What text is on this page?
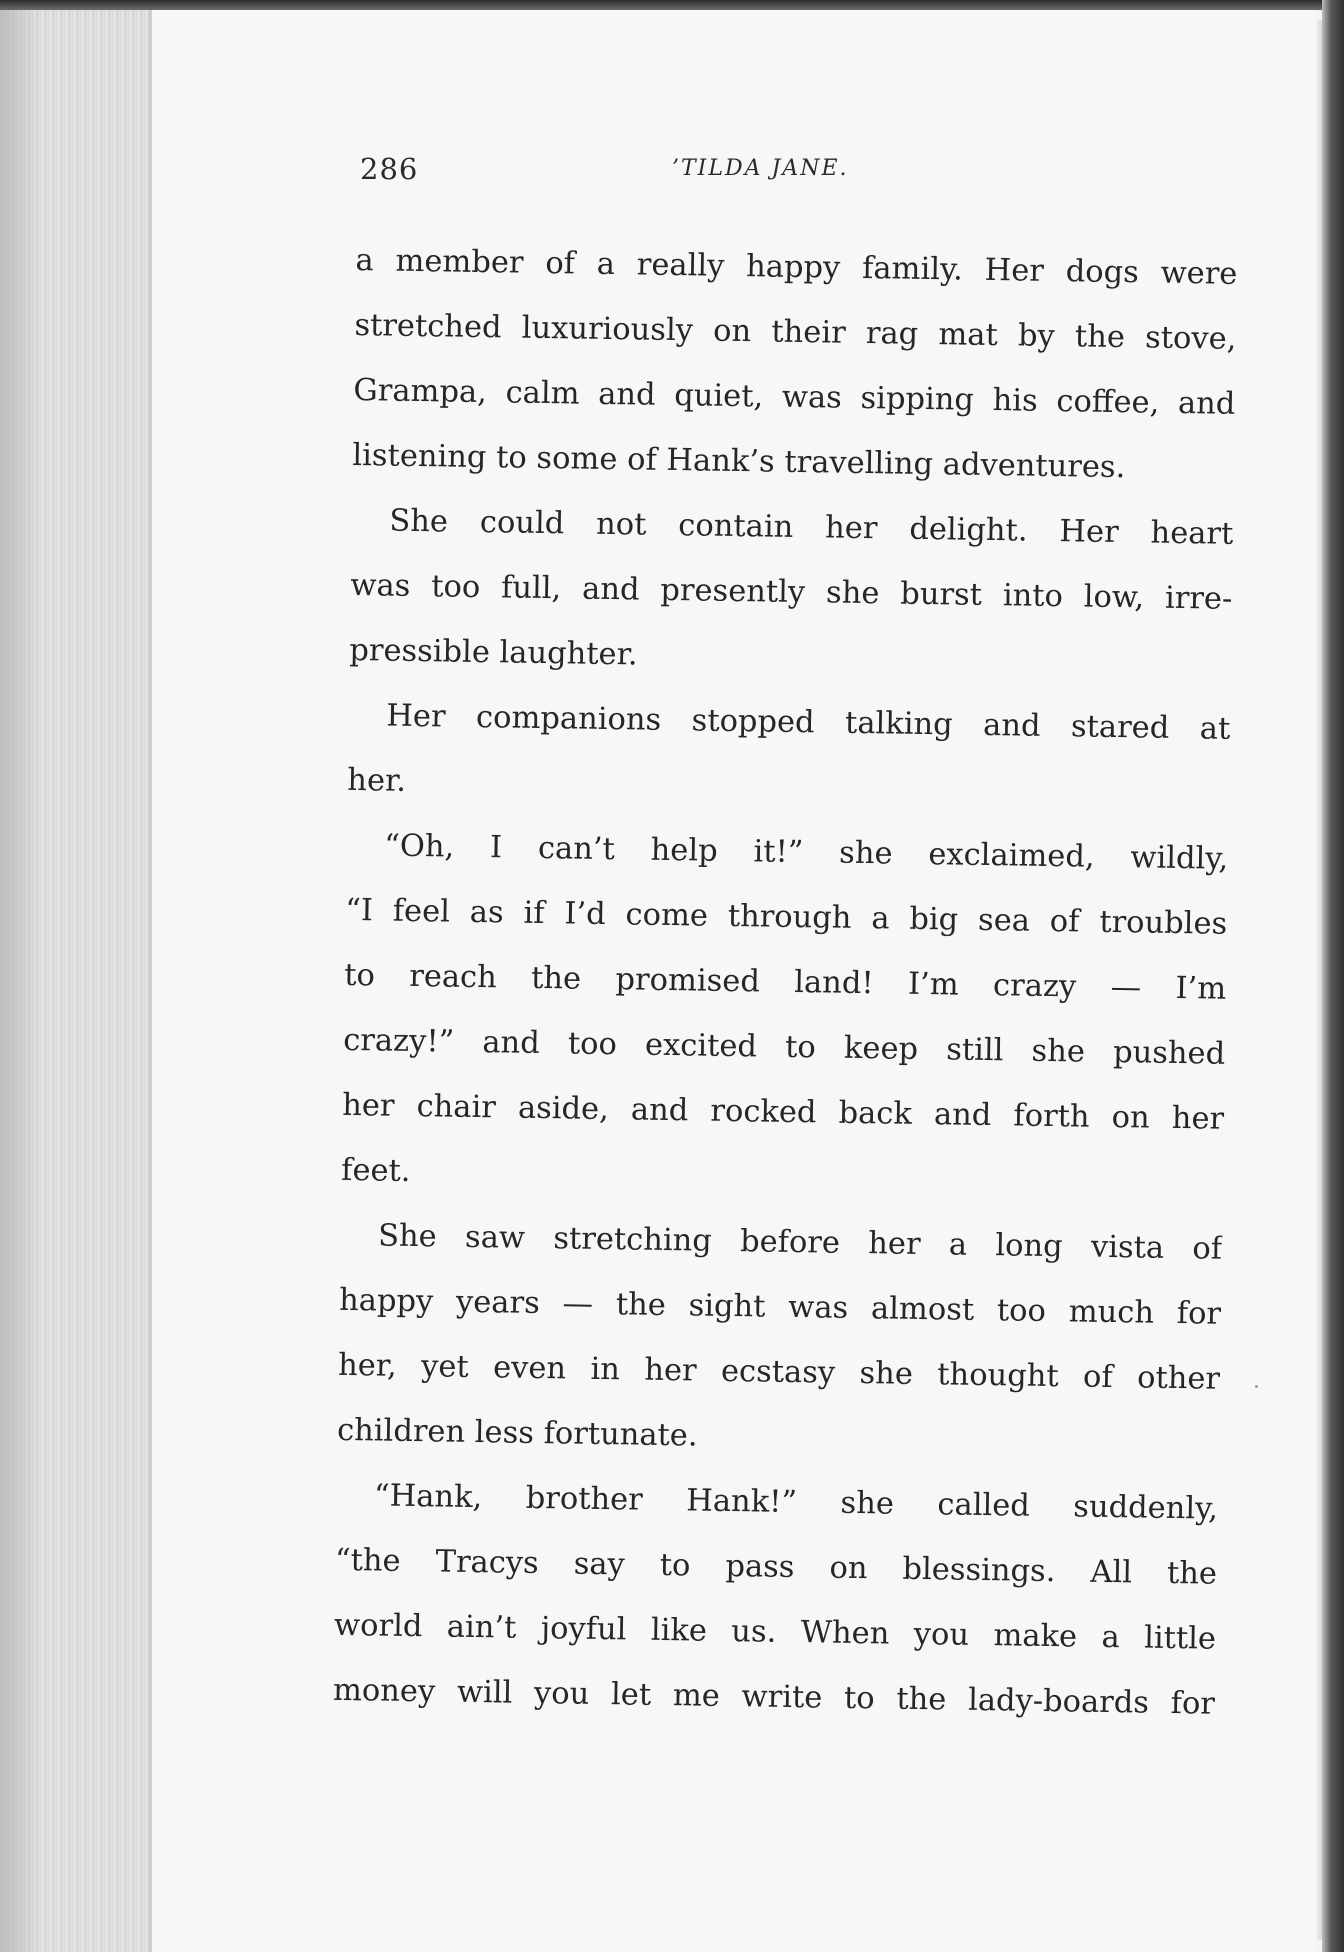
286	’TILDA JANE.
a member of a really happy family. Her dogs were
stretched luxuriously on their rag mat by the stove,
Grampa, calm and quiet, was sipping his coffee, and
listening to some of Hank’s travelling adventures.
She could not contain her delight. Her heart
was too full, and presently she burst into low, irre-
pressible laughter.
Her companions stopped talking and stared at
her.
“Oh, I can’t help it!” she exclaimed, wildly,
“I feel as if I’d come through a big sea of troubles
to reach the promised land! I’m crazy — I’m
crazy!” and too excited to keep still she pushed
her chair aside, and rocked back and forth on her
feet.
She saw stretching before her a long vista of
happy years — the sight was almost too much for
her, yet even in her ecstasy she thought of other
children less fortunate.
“Hank, brother Hank!” she called suddenly,
“the Tracys say to pass on blessings. All the
world ain’t joyful like us. When you make a little
money will you let me write to the lady-boards for
